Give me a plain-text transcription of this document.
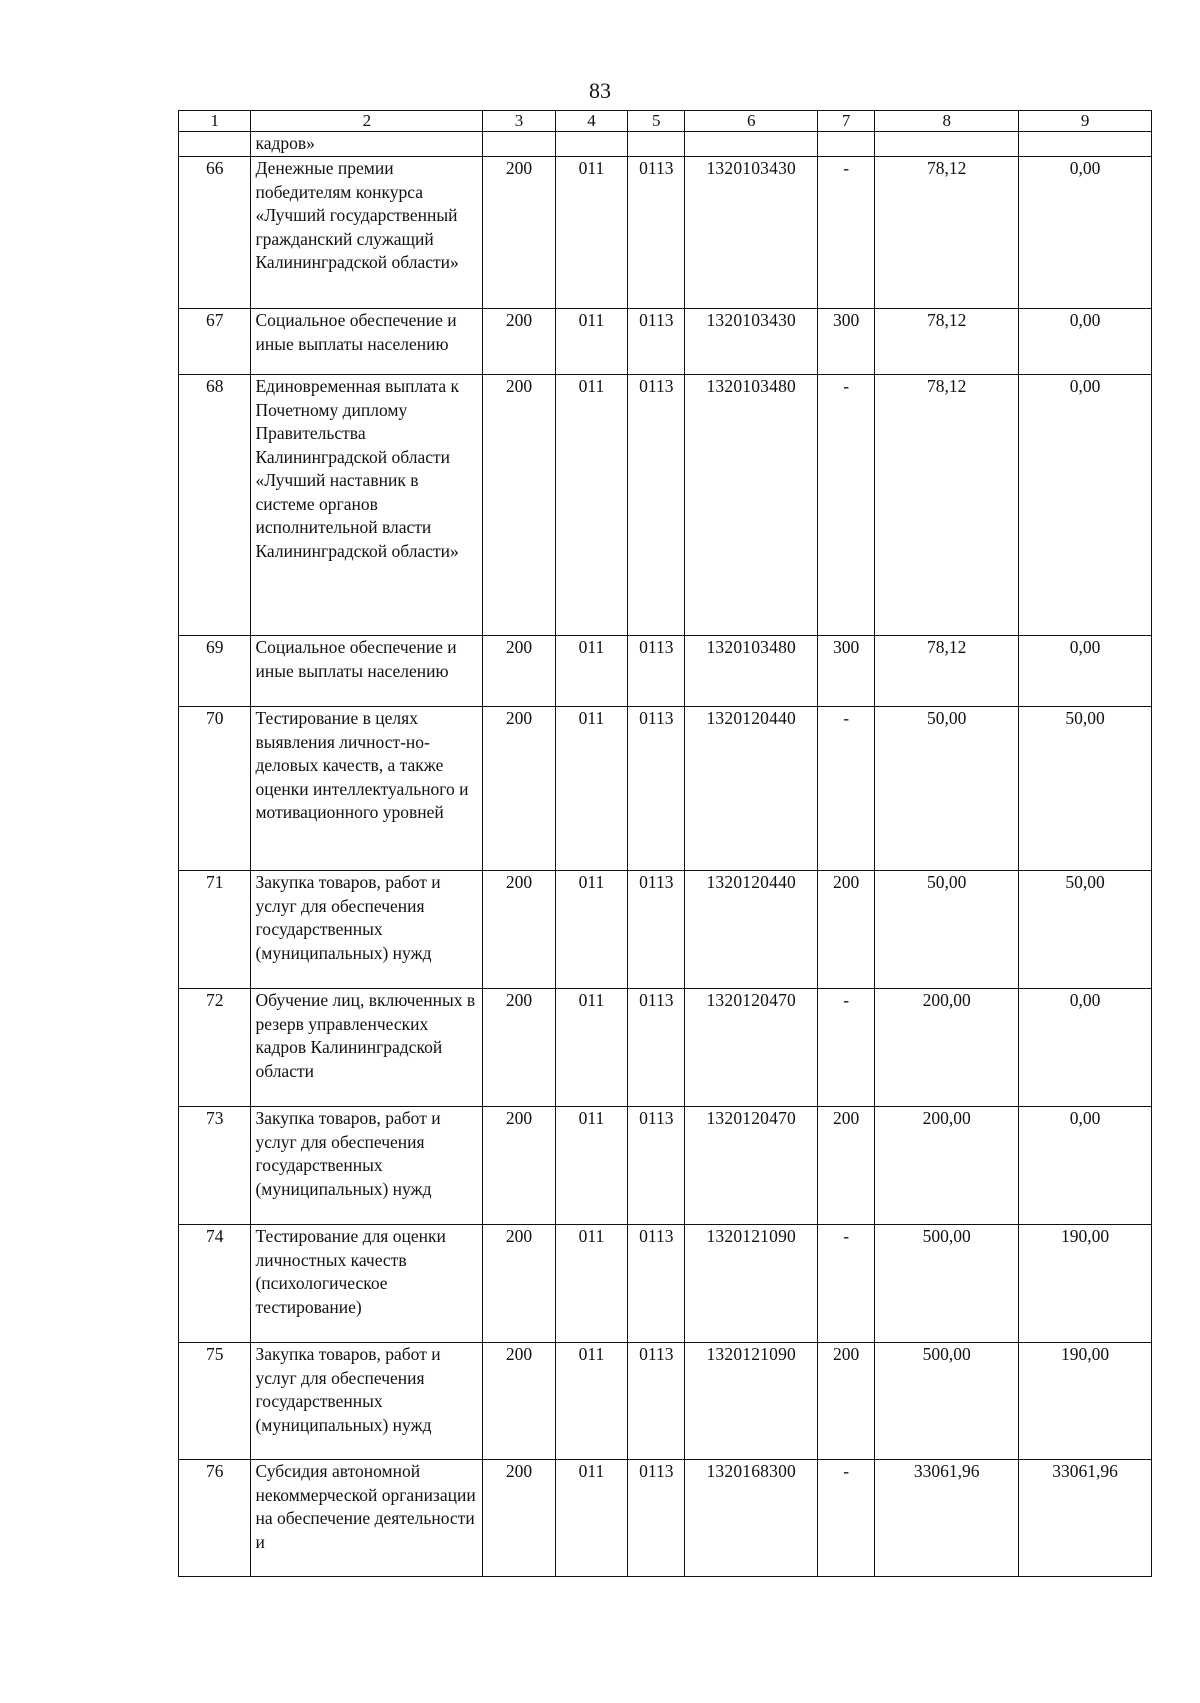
83
1	2	3	4	5	6	7	8	9
	кадров»							
66	Денежные премии победителям конкурса «Лучший государственный гражданский служащий Калининградской области»	200	011	0113	1320103430	-	78,12	0,00
67	Социальное обеспечение и иные выплаты населению	200	011	0113	1320103430	300	78,12	0,00
68	Единовременная выплата к Почетному диплому Правительства Калининградской области «Лучший наставник в системе органов исполнительной власти Калининградской области»	200	011	0113	1320103480	-	78,12	0,00
69	Социальное обеспечение и иные выплаты населению	200	011	0113	1320103480	300	78,12	0,00
70	Тестирование в целях выявления личност-но-деловых качеств, а также оценки интеллектуального и мотивационного уровней	200	011	0113	1320120440	-	50,00	50,00
71	Закупка товаров, работ и услуг для обеспечения государственных (муниципальных) нужд	200	011	0113	1320120440	200	50,00	50,00
72	Обучение лиц, включенных в резерв управленческих кадров Калининградской области	200	011	0113	1320120470	-	200,00	0,00
73	Закупка товаров, работ и услуг для обеспечения государственных (муниципальных) нужд	200	011	0113	1320120470	200	200,00	0,00
74	Тестирование для оценки личностных качеств (психологическое тестирование)	200	011	0113	1320121090	-	500,00	190,00
75	Закупка товаров, работ и услуг для обеспечения государственных (муниципальных) нужд	200	011	0113	1320121090	200	500,00	190,00
76	Субсидия автономной некоммерческой организации на обеспечение деятельности и	200	011	0113	1320168300	-	33061,96	33061,96
